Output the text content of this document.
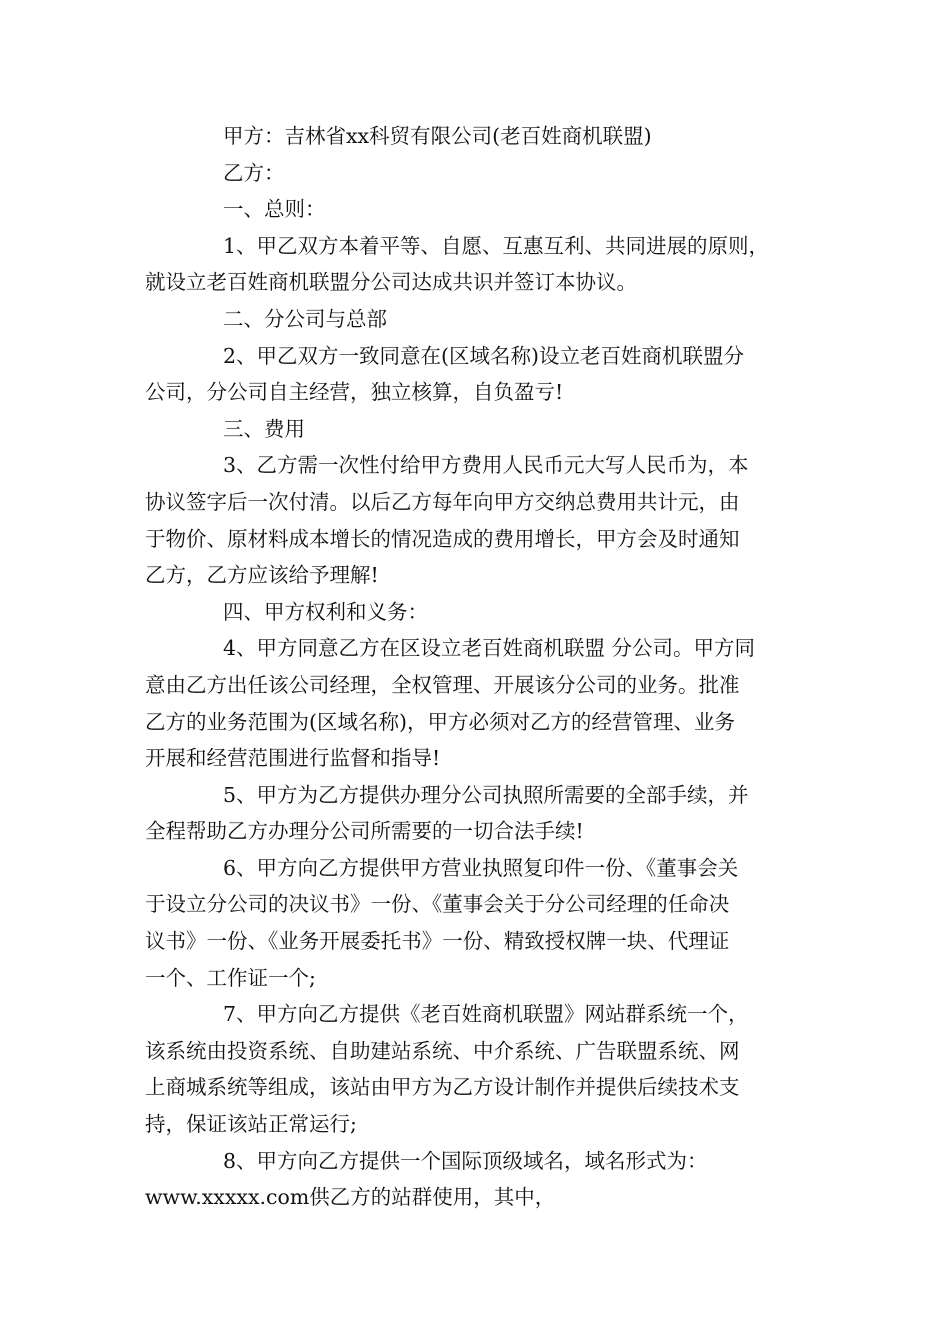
甲方：吉林省xx科贸有限公司(老百姓商机联盟)
乙方：
一、总则：
1、甲乙双方本着平等、自愿、互惠互利、共同进展的原则，
就设立老百姓商机联盟分公司达成共识并签订本协议。
二、分公司与总部
2、甲乙双方一致同意在(区域名称)设立老百姓商机联盟分
公司，分公司自主经营，独立核算，自负盈亏!
三、费用
3、乙方需一次性付给甲方费用人民币元大写人民币为，本
协议签字后一次付清。以后乙方每年向甲方交纳总费用共计元，由
于物价、原材料成本增长的情况造成的费用增长，甲方会及时通知
乙方，乙方应该给予理解!
四、甲方权利和义务：
4、甲方同意乙方在区设立老百姓商机联盟 分公司。甲方同
意由乙方出任该公司经理，全权管理、开展该分公司的业务。批准
乙方的业务范围为(区域名称)，甲方必须对乙方的经营管理、业务
开展和经营范围进行监督和指导!
5、甲方为乙方提供办理分公司执照所需要的全部手续，并
全程帮助乙方办理分公司所需要的一切合法手续!
6、甲方向乙方提供甲方营业执照复印件一份、《董事会关
于设立分公司的决议书》一份、《董事会关于分公司经理的任命决
议书》一份、《业务开展委托书》一份、精致授权牌一块、代理证
一个、工作证一个;
7、甲方向乙方提供《老百姓商机联盟》网站群系统一个，
该系统由投资系统、自助建站系统、中介系统、广告联盟系统、网
上商城系统等组成，该站由甲方为乙方设计制作并提供后续技术支
持，保证该站正常运行;
8、甲方向乙方提供一个国际顶级域名，域名形式为：
www.xxxxx.com供乙方的站群使用，其中，
